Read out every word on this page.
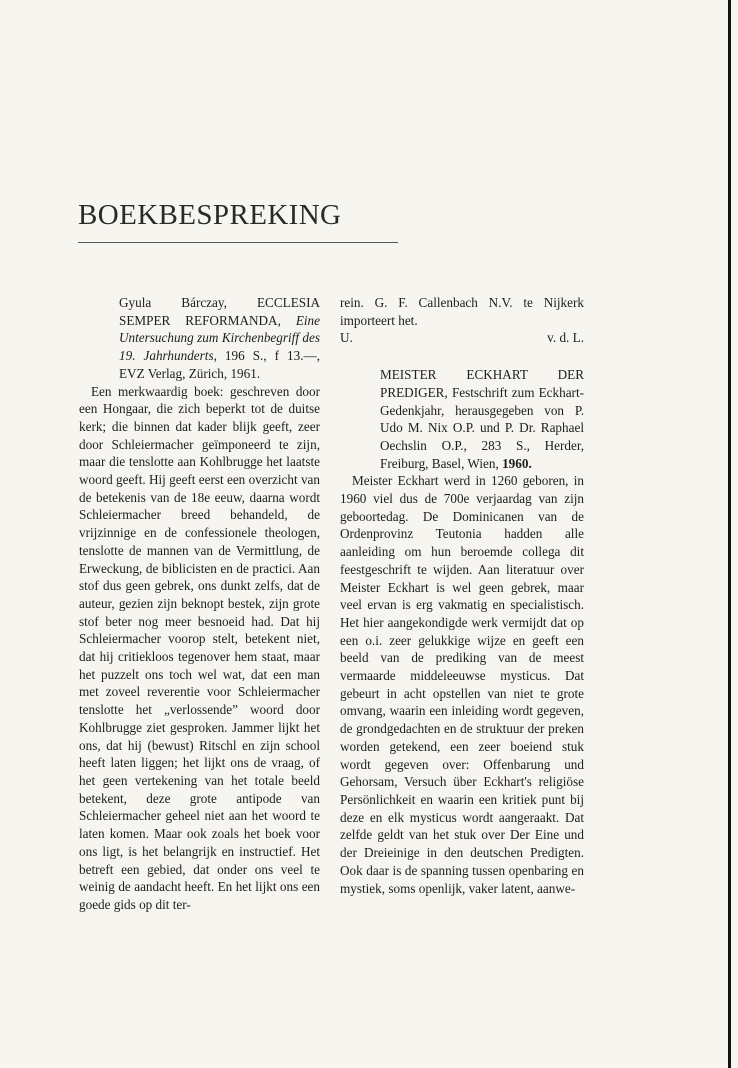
BOEKBESPREKING
Gyula Bárczay, ECCLESIA SEMPER REFORMANDA, Eine Untersuchung zum Kirchenbegriff des 19. Jahrhunderts, 196 S., f 13.—, EVZ Verlag, Zürich, 1961.

Een merkwaardig boek: geschreven door een Hongaar, die zich beperkt tot de duitse kerk; die binnen dat kader blijk geeft, zeer door Schleiermacher geïmponeerd te zijn, maar die tenslotte aan Kohlbrugge het laatste woord geeft. Hij geeft eerst een overzicht van de betekenis van de 18e eeuw, daarna wordt Schleiermacher breed behandeld, de vrijzinnige en de confessionele theologen, tenslotte de mannen van de Vermittlung, de Erweckung, de biblicisten en de practici. Aan stof dus geen gebrek, ons dunkt zelfs, dat de auteur, gezien zijn beknopt bestek, zijn grote stof beter nog meer besnoeid had. Dat hij Schleiermacher voorop stelt, betekent niet, dat hij critiekloos tegenover hem staat, maar het puzzelt ons toch wel wat, dat een man met zoveel reverentie voor Schleiermacher tenslotte het „verlossende” woord door Kohlbrugge ziet gesproken. Jammer lijkt het ons, dat hij (bewust) Ritschl en zijn school heeft laten liggen; het lijkt ons de vraag, of het geen vertekening van het totale beeld betekent, deze grote antipode van Schleiermacher geheel niet aan het woord te laten komen. Maar ook zoals het boek voor ons ligt, is het belangrijk en instructief. Het betreft een gebied, dat onder ons veel te weinig de aandacht heeft. En het lijkt ons een goede gids op dit ter-

rein. G. F. Callenbach N.V. te Nijkerk importeert het.

U.	v. d. L.
MEISTER ECKHART DER PREDIGER, Festschrift zum Eckhart-Gedenkjahr, herausgegeben von P. Udo M. Nix O.P. und P. Dr. Raphael Oechslin O.P., 283 S., Herder, Freiburg, Basel, Wien, 1960.

Meister Eckhart werd in 1260 geboren, in 1960 viel dus de 700e verjaardag van zijn geboortedag. De Dominicanen van de Ordenprovinz Teutonia hadden alle aanleiding om hun beroemde collega dit feestgeschrift te wijden. Aan literatuur over Meister Eckhart is wel geen gebrek, maar veel ervan is erg vakmatig en specialistisch. Het hier aangekondigde werk vermijdt dat op een o.i. zeer gelukkige wijze en geeft een beeld van de prediking van de meest vermaarde middeleeuwse mysticus. Dat gebeurt in acht opstellen van niet te grote omvang, waarin een inleiding wordt gegeven, de grondgedachten en de struktuur der preken worden getekend, een zeer boeiend stuk wordt gegeven over: Offenbarung und Gehorsam, Versuch über Eckhart's religiöse Persönlichkeit en waarin een kritiek punt bij deze en elk mysticus wordt aangeraakt. Dat zelfde geldt van het stuk over Der Eine und der Dreieinige in den deutschen Predigten. Ook daar is de spanning tussen openbaring en mystiek, soms openlijk, vaker latent, aanwe-
